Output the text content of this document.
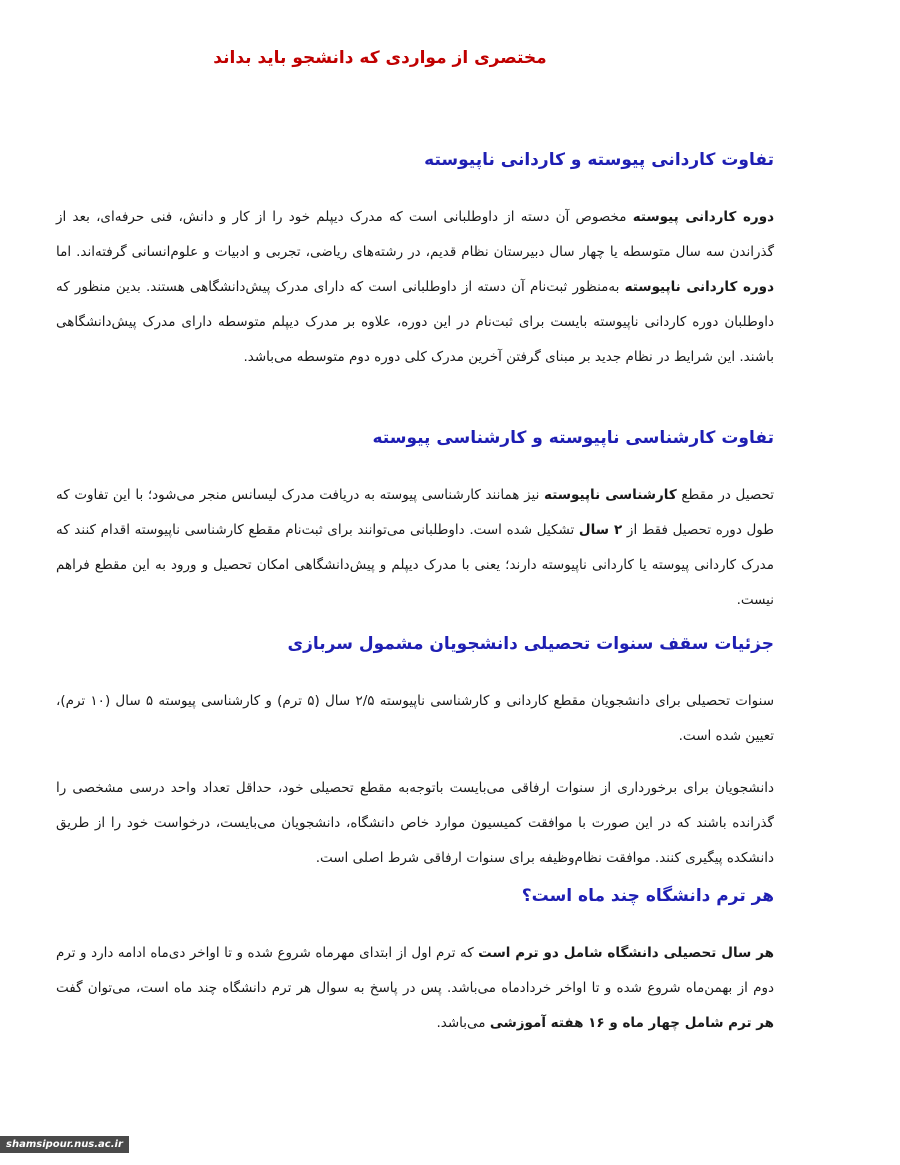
مختصری از مواردی که دانشجو باید بداند
تفاوت کاردانی پیوسته و کاردانی ناپیوسته

دوره کاردانی پیوسته مخصوص آن دسته از داوطلبانی است که مدرک دیپلم خود را از کار و دانش، فنی حرفه‌ای، بعد از گذراندن سه سال متوسطه یا چهار سال دبیرستان نظام قدیم، در رشته‌های ریاضی، تجربی و ادبیات و علوم‌انسانی گرفته‌اند. اما دوره کاردانی ناپیوسته به‌منظور ثبت‌نام آن دسته از داوطلبانی است که دارای مدرک پیش‌دانشگاهی هستند. بدین منظور که داوطلبان دوره کاردانی ناپیوسته بایست برای ثبت‌نام در این دوره، علاوه بر مدرک دیپلم متوسطه دارای مدرک پیش‌دانشگاهی باشند. این شرایط در نظام جدید بر مبنای گرفتن آخرین مدرک کلی دوره دوم متوسطه می‌باشد.

تفاوت کارشناسی ناپیوسته و کارشناسی پیوسته

تحصیل در مقطع کارشناسی ناپیوسته نیز همانند کارشناسی پیوسته به دریافت مدرک لیسانس منجر می‌شود؛ با این تفاوت که طول دوره تحصیل فقط از ۲ سال تشکیل شده است. داوطلبانی می‌توانند برای ثبت‌نام مقطع کارشناسی ناپیوسته اقدام کنند که مدرک کاردانی پیوسته یا کاردانی ناپیوسته دارند؛ یعنی با مدرک دیپلم و پیش‌دانشگاهی امکان تحصیل و ورود به این مقطع فراهم نیست.

جزئیات سقف سنوات تحصیلی دانشجویان مشمول سربازی

سنوات تحصیلی برای دانشجویان مقطع کاردانی و کارشناسی ناپیوسته ۲/۵ سال (۵ ترم) و کارشناسی پیوسته ۵ سال (۱۰ ترم)، تعیین شده است.

دانشجویان برای برخورداری از سنوات ارفاقی می‌بایست باتوجه‌به مقطع تحصیلی خود، حداقل تعداد واحد درسی مشخصی را گذرانده باشند که در این صورت با موافقت کمیسیون موارد خاص دانشگاه، دانشجویان می‌بایست، درخواست خود را از طریق دانشکده پیگیری کنند. موافقت نظام‌وظیفه برای سنوات ارفاقی شرط اصلی است.

هر ترم دانشگاه چند ماه است؟

هر سال تحصیلی دانشگاه شامل دو ترم است که ترم اول از ابتدای مهرماه شروع شده و تا اواخر دی‌ماه ادامه دارد و ترم دوم از بهمن‌ماه شروع شده و تا اواخر خردادماه می‌باشد. پس در پاسخ به سوال هر ترم دانشگاه چند ماه است، می‌توان گفت هر ترم شامل چهار ماه و ۱۶ هفته آموزشی می‌باشد.

shamsipour.nus.ac.ir
